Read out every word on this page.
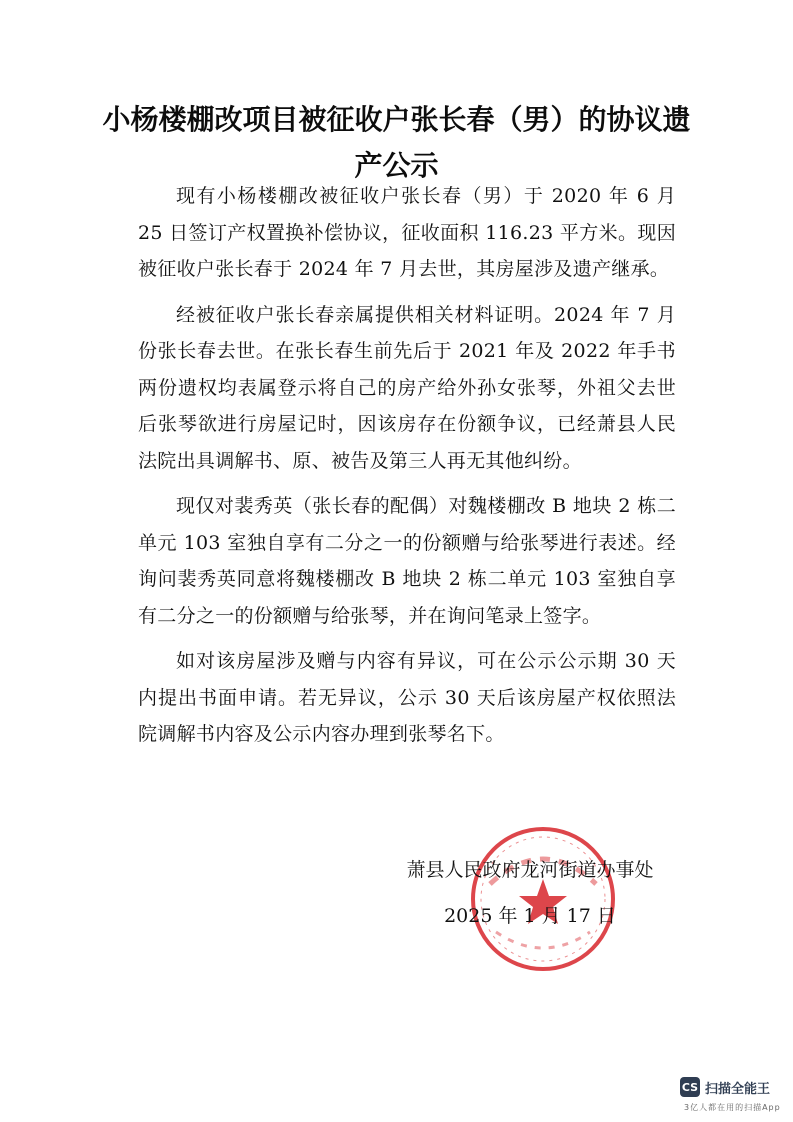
小杨楼棚改项目被征收户张长春（男）的协议遗产公示

现有小杨楼棚改被征收户张长春（男）于 2020 年 6 月 25 日签订产权置换补偿协议，征收面积 116.23 平方米。现因被征收户张长春于 2024 年 7 月去世，其房屋涉及遗产继承。

经被征收户张长春亲属提供相关材料证明。2024 年 7 月份张长春去世。在张长春生前先后于 2021 年及 2022 年手书两份遗权均表属登示将自己的房产给外孙女张琴，外祖父去世后张琴欲进行房屋记时，因该房存在份额争议，已经萧县人民法院出具调解书、原、被告及第三人再无其他纠纷。

现仅对裴秀英（张长春的配偶）对魏楼棚改 B 地块 2 栋二单元 103 室独自享有二分之一的份额赠与给张琴进行表述。经询问裴秀英同意将魏楼棚改 B 地块 2 栋二单元 103 室独自享有二分之一的份额赠与给张琴，并在询问笔录上签字。

如对该房屋涉及赠与内容有异议，可在公示公示期 30 天内提出书面申请。若无异议，公示 30 天后该房屋产权依照法院调解书内容及公示内容办理到张琴名下。

萧县人民政府龙河街道办事处
2025 年 1 月 17 日
CS 扫描全能王
3亿人都在用的扫描App
